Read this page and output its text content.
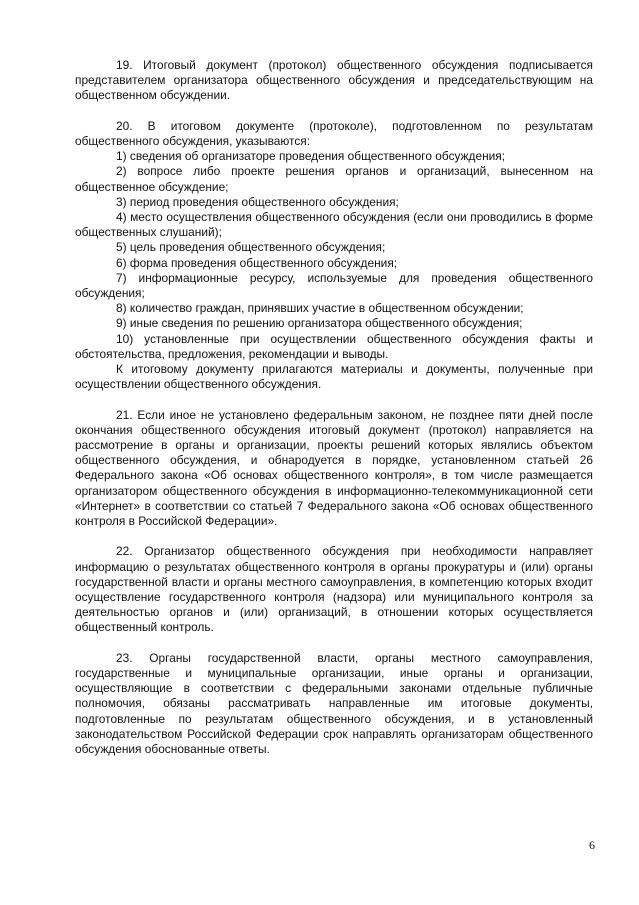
19. Итоговый документ (протокол) общественного обсуждения подписывается представителем организатора общественного обсуждения и председательствующим на общественном обсуждении.

20. В итоговом документе (протоколе), подготовленном по результатам общественного обсуждения, указываются:

1) сведения об организаторе проведения общественного обсуждения;

2) вопросе либо проекте решения органов и организаций, вынесенном на общественное обсуждение;

3) период проведения общественного обсуждения;

4) место осуществления общественного обсуждения (если они проводились в форме общественных слушаний);

5) цель проведения общественного обсуждения;

6) форма проведения общественного обсуждения;

7) информационные ресурсу, используемые для проведения общественного обсуждения;

8) количество граждан, принявших участие в общественном обсуждении;

9) иные сведения по решению организатора общественного обсуждения;

10) установленные при осуществлении общественного обсуждения факты и обстоятельства, предложения, рекомендации и выводы.

К итоговому документу прилагаются материалы и документы, полученные при осуществлении общественного обсуждения.

21. Если иное не установлено федеральным законом, не позднее пяти дней после окончания общественного обсуждения итоговый документ (протокол) направляется на рассмотрение в органы и организации, проекты решений которых являлись объектом общественного обсуждения, и обнародуется в порядке, установленном статьей 26 Федерального закона «Об основах общественного контроля», в том числе размещается организатором общественного обсуждения в информационно-телекоммуникационной сети «Интернет» в соответствии со статьей 7 Федерального закона «Об основах общественного контроля в Российской Федерации».

22. Организатор общественного обсуждения при необходимости направляет информацию о результатах общественного контроля в органы прокуратуры и (или) органы государственной власти и органы местного самоуправления, в компетенцию которых входит осуществление государственного контроля (надзора) или муниципального контроля за деятельностью органов и (или) организаций, в отношении которых осуществляется общественный контроль.

23. Органы государственной власти, органы местного самоуправления, государственные и муниципальные организации, иные органы и организации, осуществляющие в соответствии с федеральными законами отдельные публичные полномочия, обязаны рассматривать направленные им итоговые документы, подготовленные по результатам общественного обсуждения, и в установленный законодательством Российской Федерации срок направлять организаторам общественного обсуждения обоснованные ответы.

6
